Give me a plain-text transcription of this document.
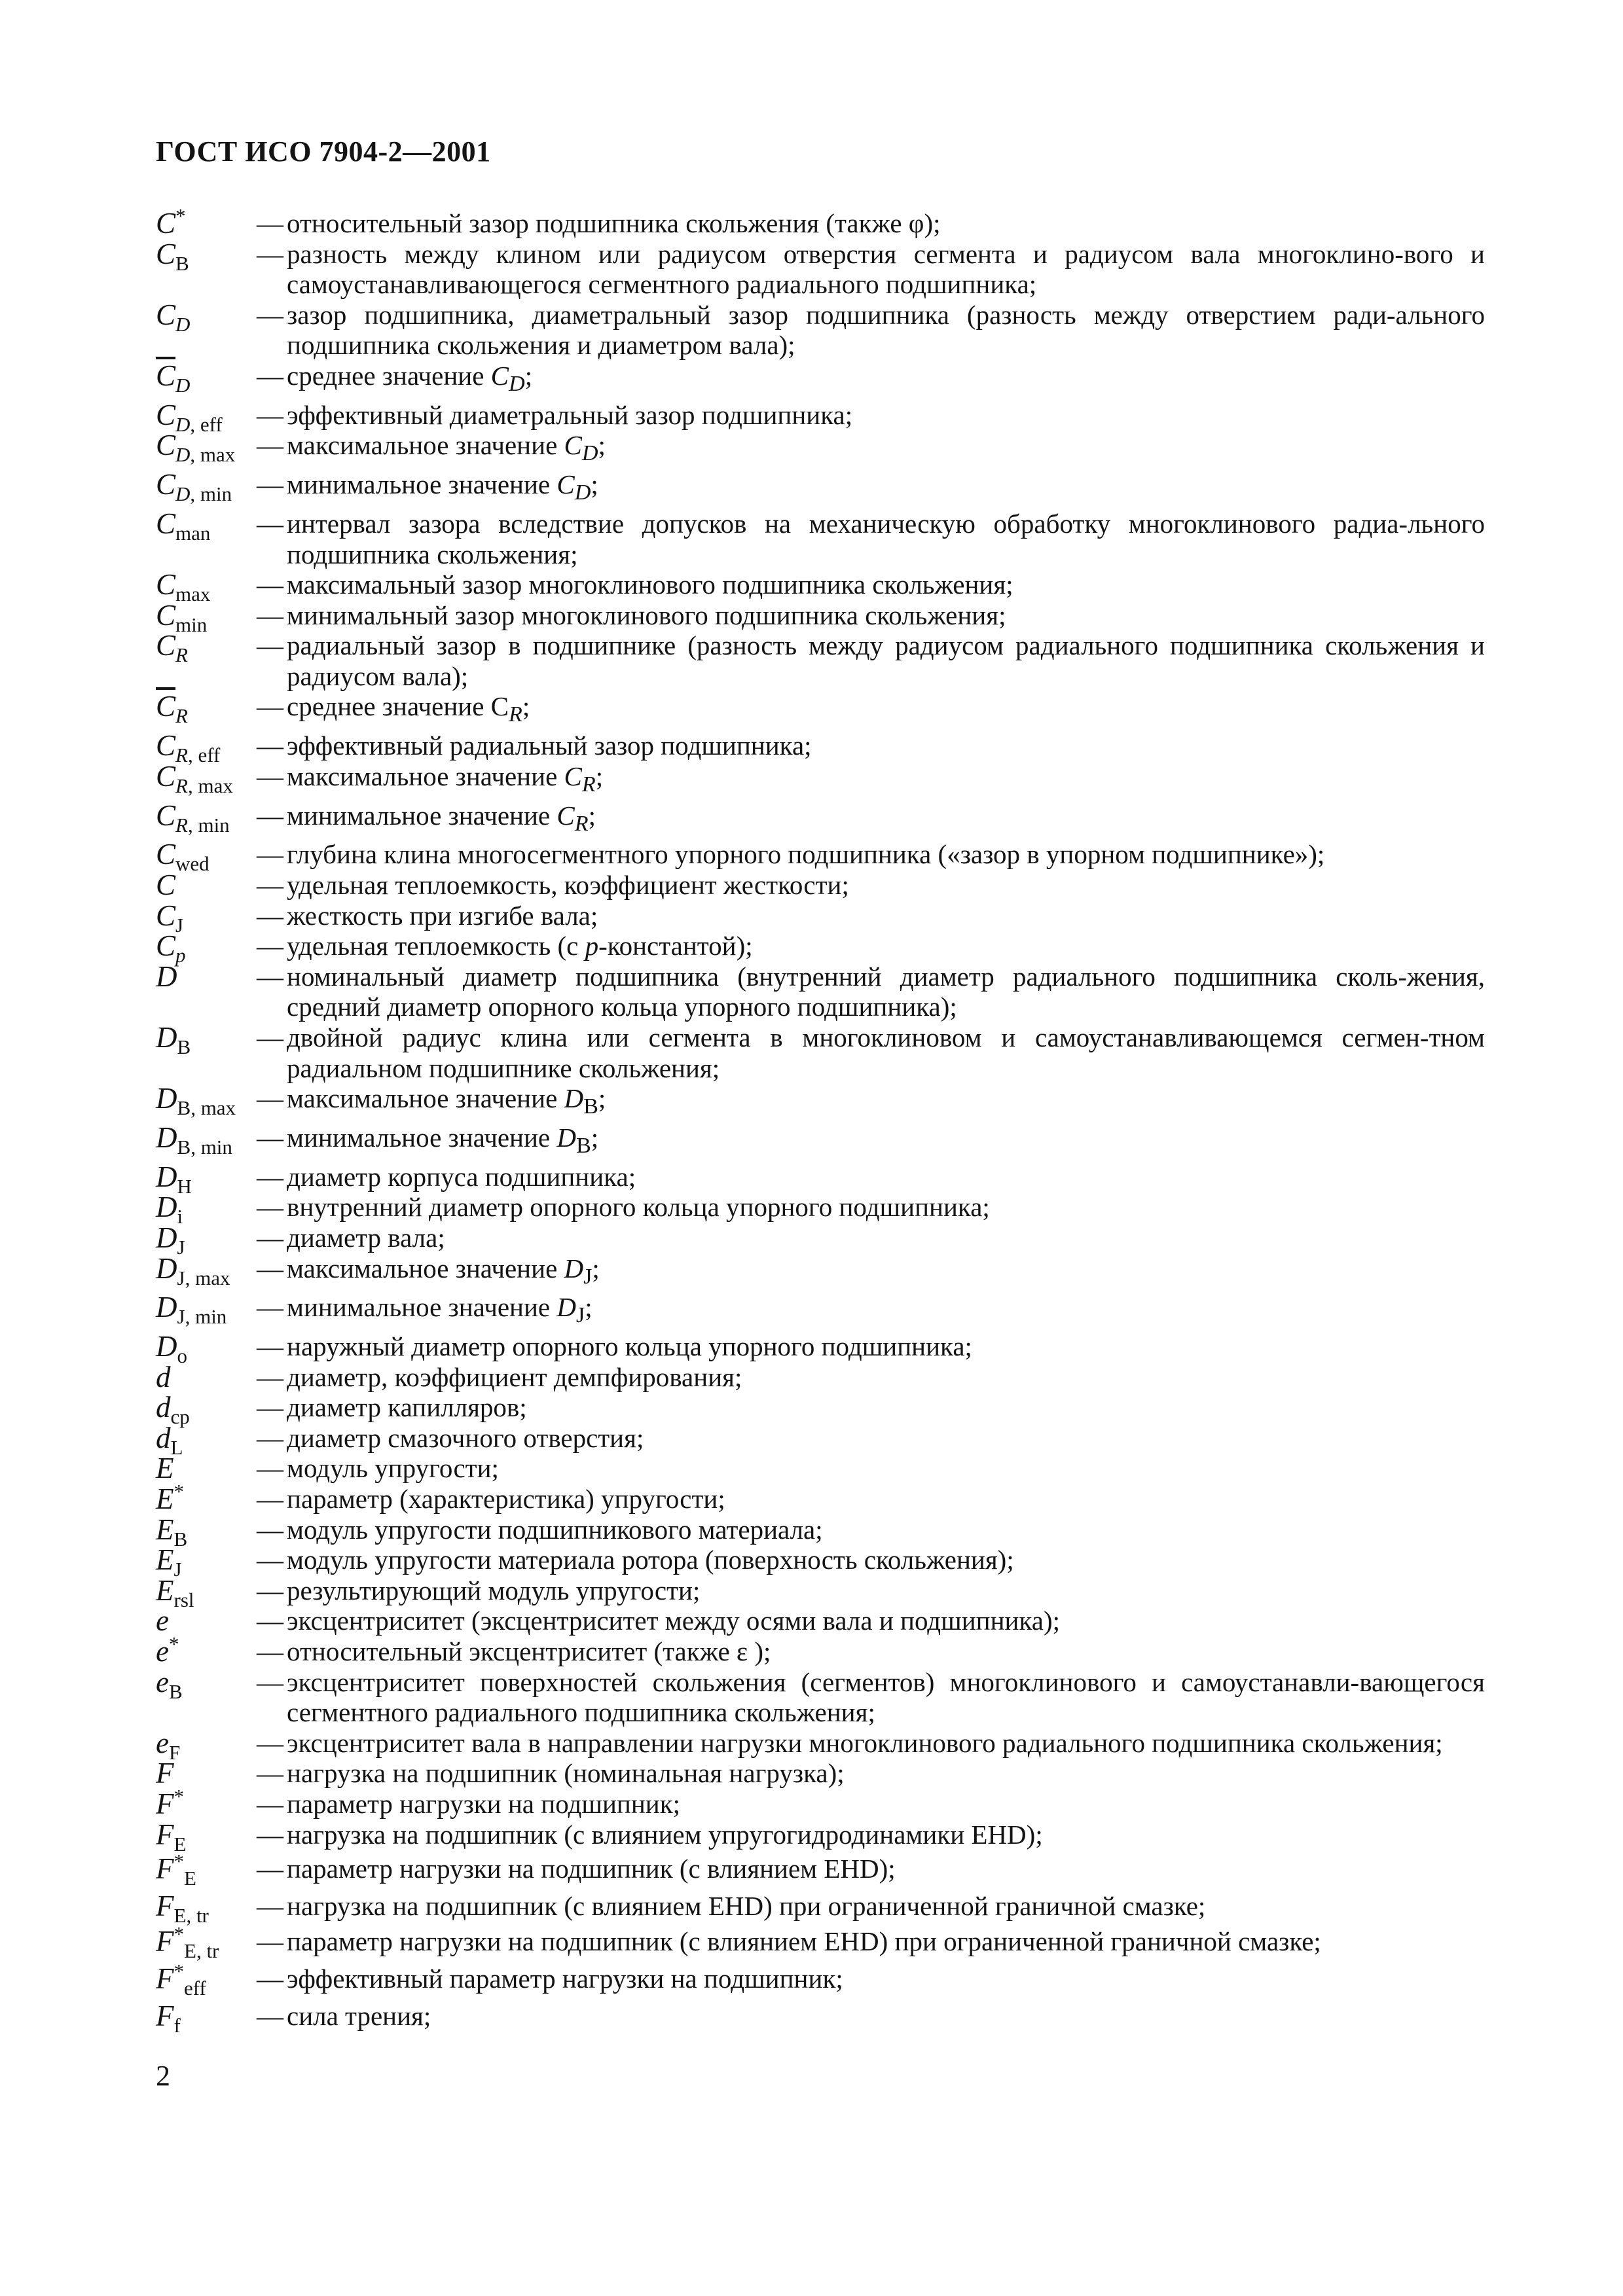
ГОСТ ИСО 7904-2—2001
C*	— относительный зазор подшипника скольжения (также φ);
$C_B$	— разность между клином или радиусом отверстия сегмента и радиусом вала многоклино-вого и самоустанавливающегося сегментного радиального подшипника;
$C_D$	— зазор подшипника, диаметральный зазор подшипника (разность между отверстием ради-ального подшипника скольжения и диаметром вала);
$\overline{C}_D$	— среднее значение $C_D$;
$C_{D, eff}$	— эффективный диаметральный зазор подшипника;
$C_{D, max}$ — максимальное значение $C_D$;
$C_{D, min}$ — минимальное значение $C_D$;
$C_{man}$	— интервал зазора вследствие допусков на механическую обработку многоклинового радиа-льного подшипника скольжения;
$C_{max}$	— максимальный зазор многоклинового подшипника скольжения;
$C_{min}$	— минимальный зазор многоклинового подшипника скольжения;
$C_R$	— радиальный зазор в подшипнике (разность между радиусом радиального подшипника скольжения и радиусом вала);
$\overline{C}_R$	— среднее значение $C_R$;
$C_{R, eff}$	— эффективный радиальный зазор подшипника;
$C_{R, max}$ — максимальное значение $C_R$;
$C_{R, min}$	— минимальное значение $C_R$;
$C_{wed}$	— глубина клина многосегментного упорного подшипника («зазор в упорном подшипнике»);
C	— удельная теплоемкость, коэффициент жесткости;
$C_J$	— жесткость при изгибе вала;
$C_p$	— удельная теплоемкость (с p-константой);
D	— номинальный диаметр подшипника (внутренний диаметр радиального подшипника сколь-жения, средний диаметр опорного кольца упорного подшипника);
$D_B$	— двойной радиус клина или сегмента в многоклиновом и самоустанавливающемся сегмен-тном радиальном подшипнике скольжения;
$D_{B, max}$ — максимальное значение $D_B$;
$D_{B, min}$ — минимальное значение $D_B$;
$D_H$	— диаметр корпуса подшипника;
$D_i$	— внутренний диаметр опорного кольца упорного подшипника;
$D_J$	— диаметр вала;
$D_{J, max}$ — максимальное значение $D_J$;
$D_{J, min}$	— минимальное значение $D_J$;
$D_o$	— наружный диаметр опорного кольца упорного подшипника;
d	— диаметр, коэффициент демпфирования;
$d_{cp}$	— диаметр капилляров;
$d_L$	— диаметр смазочного отверстия;
E	— модуль упругости;
E*	— параметр (характеристика) упругости;
$E_B$	— модуль упругости подшипникового материала;
$E_J$	— модуль упругости материала ротора (поверхность скольжения);
$E_{rsl}$	— результирующий модуль упругости;
e	— эксцентриситет (эксцентриситет между осями вала и подшипника);
e*	— относительный эксцентриситет (также ε );
$e_B$	— эксцентриситет поверхностей скольжения (сегментов) многоклинового и самоустанавли-вающегося сегментного радиального подшипника скольжения;
$e_F$	— эксцентриситет вала в направлении нагрузки многоклинового радиального подшипника скольжения;
F	— нагрузка на подшипник (номинальная нагрузка);
F*	— параметр нагрузки на подшипник;
$F_E$	— нагрузка на подшипник (с влиянием упругогидродинамики EHD);
$F^*_E$	— параметр нагрузки на подшипник (с влиянием EHD);
$F_{E, tr}$	— нагрузка на подшипник (с влиянием EHD) при ограниченной граничной смазке;
$F^*_{E, tr}$	— параметр нагрузки на подшипник (с влиянием EHD) при ограниченной граничной смазке;
$F^*_{eff}$	— эффективный параметр нагрузки на подшипник;
$F_f$	— сила трения;
2
